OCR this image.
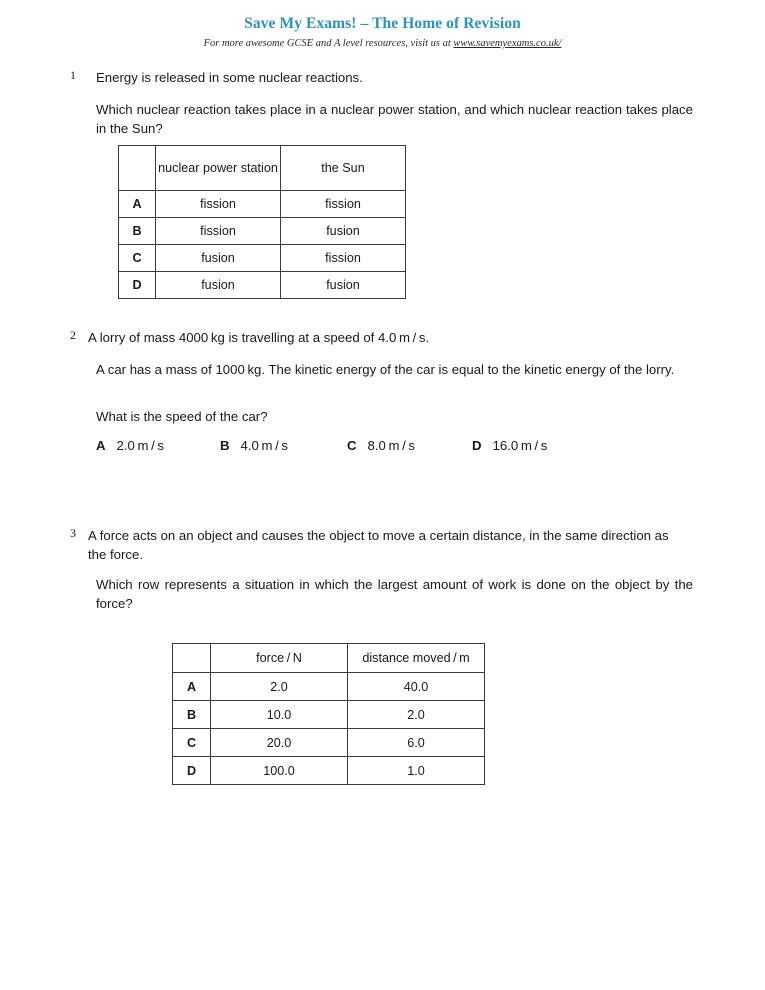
Save My Exams! – The Home of Revision
For more awesome GCSE and A level resources, visit us at www.savemyexams.co.uk/
1	Energy is released in some nuclear reactions.
Which nuclear reaction takes place in a nuclear power station, and which nuclear reaction takes place in the Sun?
	nuclear power station	the Sun
A	fission	fission
B	fission	fusion
C	fusion	fission
D	fusion	fusion
2 A lorry of mass 4000 kg is travelling at a speed of 4.0 m / s.
A car has a mass of 1000 kg. The kinetic energy of the car is equal to the kinetic energy of the lorry.
What is the speed of the car?
A 2.0 m / s	B 4.0 m / s	C 8.0 m / s	D 16.0 m / s
3 A force acts on an object and causes the object to move a certain distance, in the same direction as the force.
Which row represents a situation in which the largest amount of work is done on the object by the force?
	force / N	distance moved / m
A	2.0	40.0
B	10.0	2.0
C	20.0	6.0
D	100.0	1.0
